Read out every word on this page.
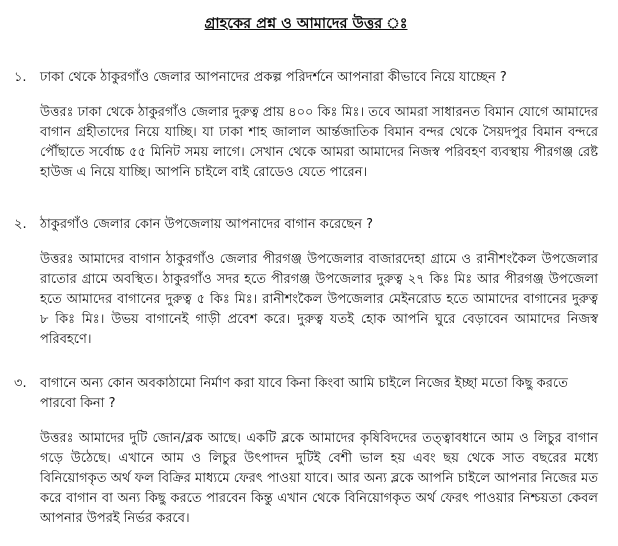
গ্রাহকের প্রশ্ন ও আমাদের উত্তর ঃ
১.	ঢাকা থেকে ঠাকুরগাঁও জেলার আপনাদের প্রকল্প পরিদর্শনে আপনারা কীভাবে নিয়ে যাচ্ছেন ?

উত্তরঃ ঢাকা থেকে ঠাকুরগাঁও জেলার দুরুত্ব প্রায় ৪০০ কিঃ মিঃ। তবে আমরা সাধারনত বিমান যোগে আমাদের বাগান গ্রহীতাদের নিয়ে যাচ্ছি। যা ঢাকা শাহ জালাল আর্ন্তজাতিক বিমান বন্দর থেকে সৈয়দপুর বিমান বন্দরে পৌঁছাতে সর্বোচ্চ ৫৫ মিনিট সময় লাগে। সেখান থেকে আমরা আমাদের নিজস্ব পরিবহণ ব্যবস্থায় পীরগঞ্জ রেষ্ট হাউজ এ নিয়ে যাচ্ছি। আপনি চাইলে বাই রোডেও যেতে পারেন।

২.	ঠাকুরগাঁও জেলার কোন উপজেলায় আপনাদের বাগান করেছেন ?

উত্তরঃ আমাদের বাগান ঠাকুরগাঁও জেলার পীরগঞ্জ উপজেলার বাজারদেহা গ্রামে ও রানীশংকৈল উপজেলার রাতোর গ্রামে অবস্থিত। ঠাকুরগাঁও সদর হতে পীরগঞ্জ উপজেলার দুরুত্ব ২৭ কিঃ মিঃ আর পীরগঞ্জ উপজেলা হতে আমাদের বাগানের দুরুত্ব ৫ কিঃ মিঃ। রানীশংকৈল উপজেলার মেইনরোড হতে আমাদের বাগানের দুরুত্ব ৮ কিঃ মিঃ। উভয় বাগানেই গাড়ী প্রবেশ করে। দুরুত্ব যতই হোক আপনি ঘুরে বেড়াবেন আমাদের নিজস্ব পরিবহণে।

৩.	বাগানে অন্য কোন অবকাঠামো নির্মাণ করা যাবে কিনা কিংবা আমি চাইলে নিজের ইচ্ছা মতো কিছু করতে পারবো কিনা ?

উত্তরঃ আমাদের দুটি জোন/ব্লক আছে। একটি ব্লকে আমাদের কৃষিবিদদের তত্ত্বাবধানে আম ও লিচুর বাগান গড়ে উঠেছে। এখানে আম ও লিচুর উৎপাদন দুটিই বেশী ভাল হয় এবং ছয় থেকে সাত বছরের মধ্যে বিনিয়োগকৃত অর্থ ফল বিক্রির মাধ্যমে ফেরৎ পাওয়া যাবে। আর অন্য ব্লকে আপনি চাইলে আপনার নিজের মত করে বাগান বা অন্য কিছু করতে পারবেন কিন্তু এখান থেকে বিনিয়োগকৃত অর্থ ফেরৎ পাওয়ার নিশ্চয়তা কেবল আপনার উপরই নির্ভর করবে।
